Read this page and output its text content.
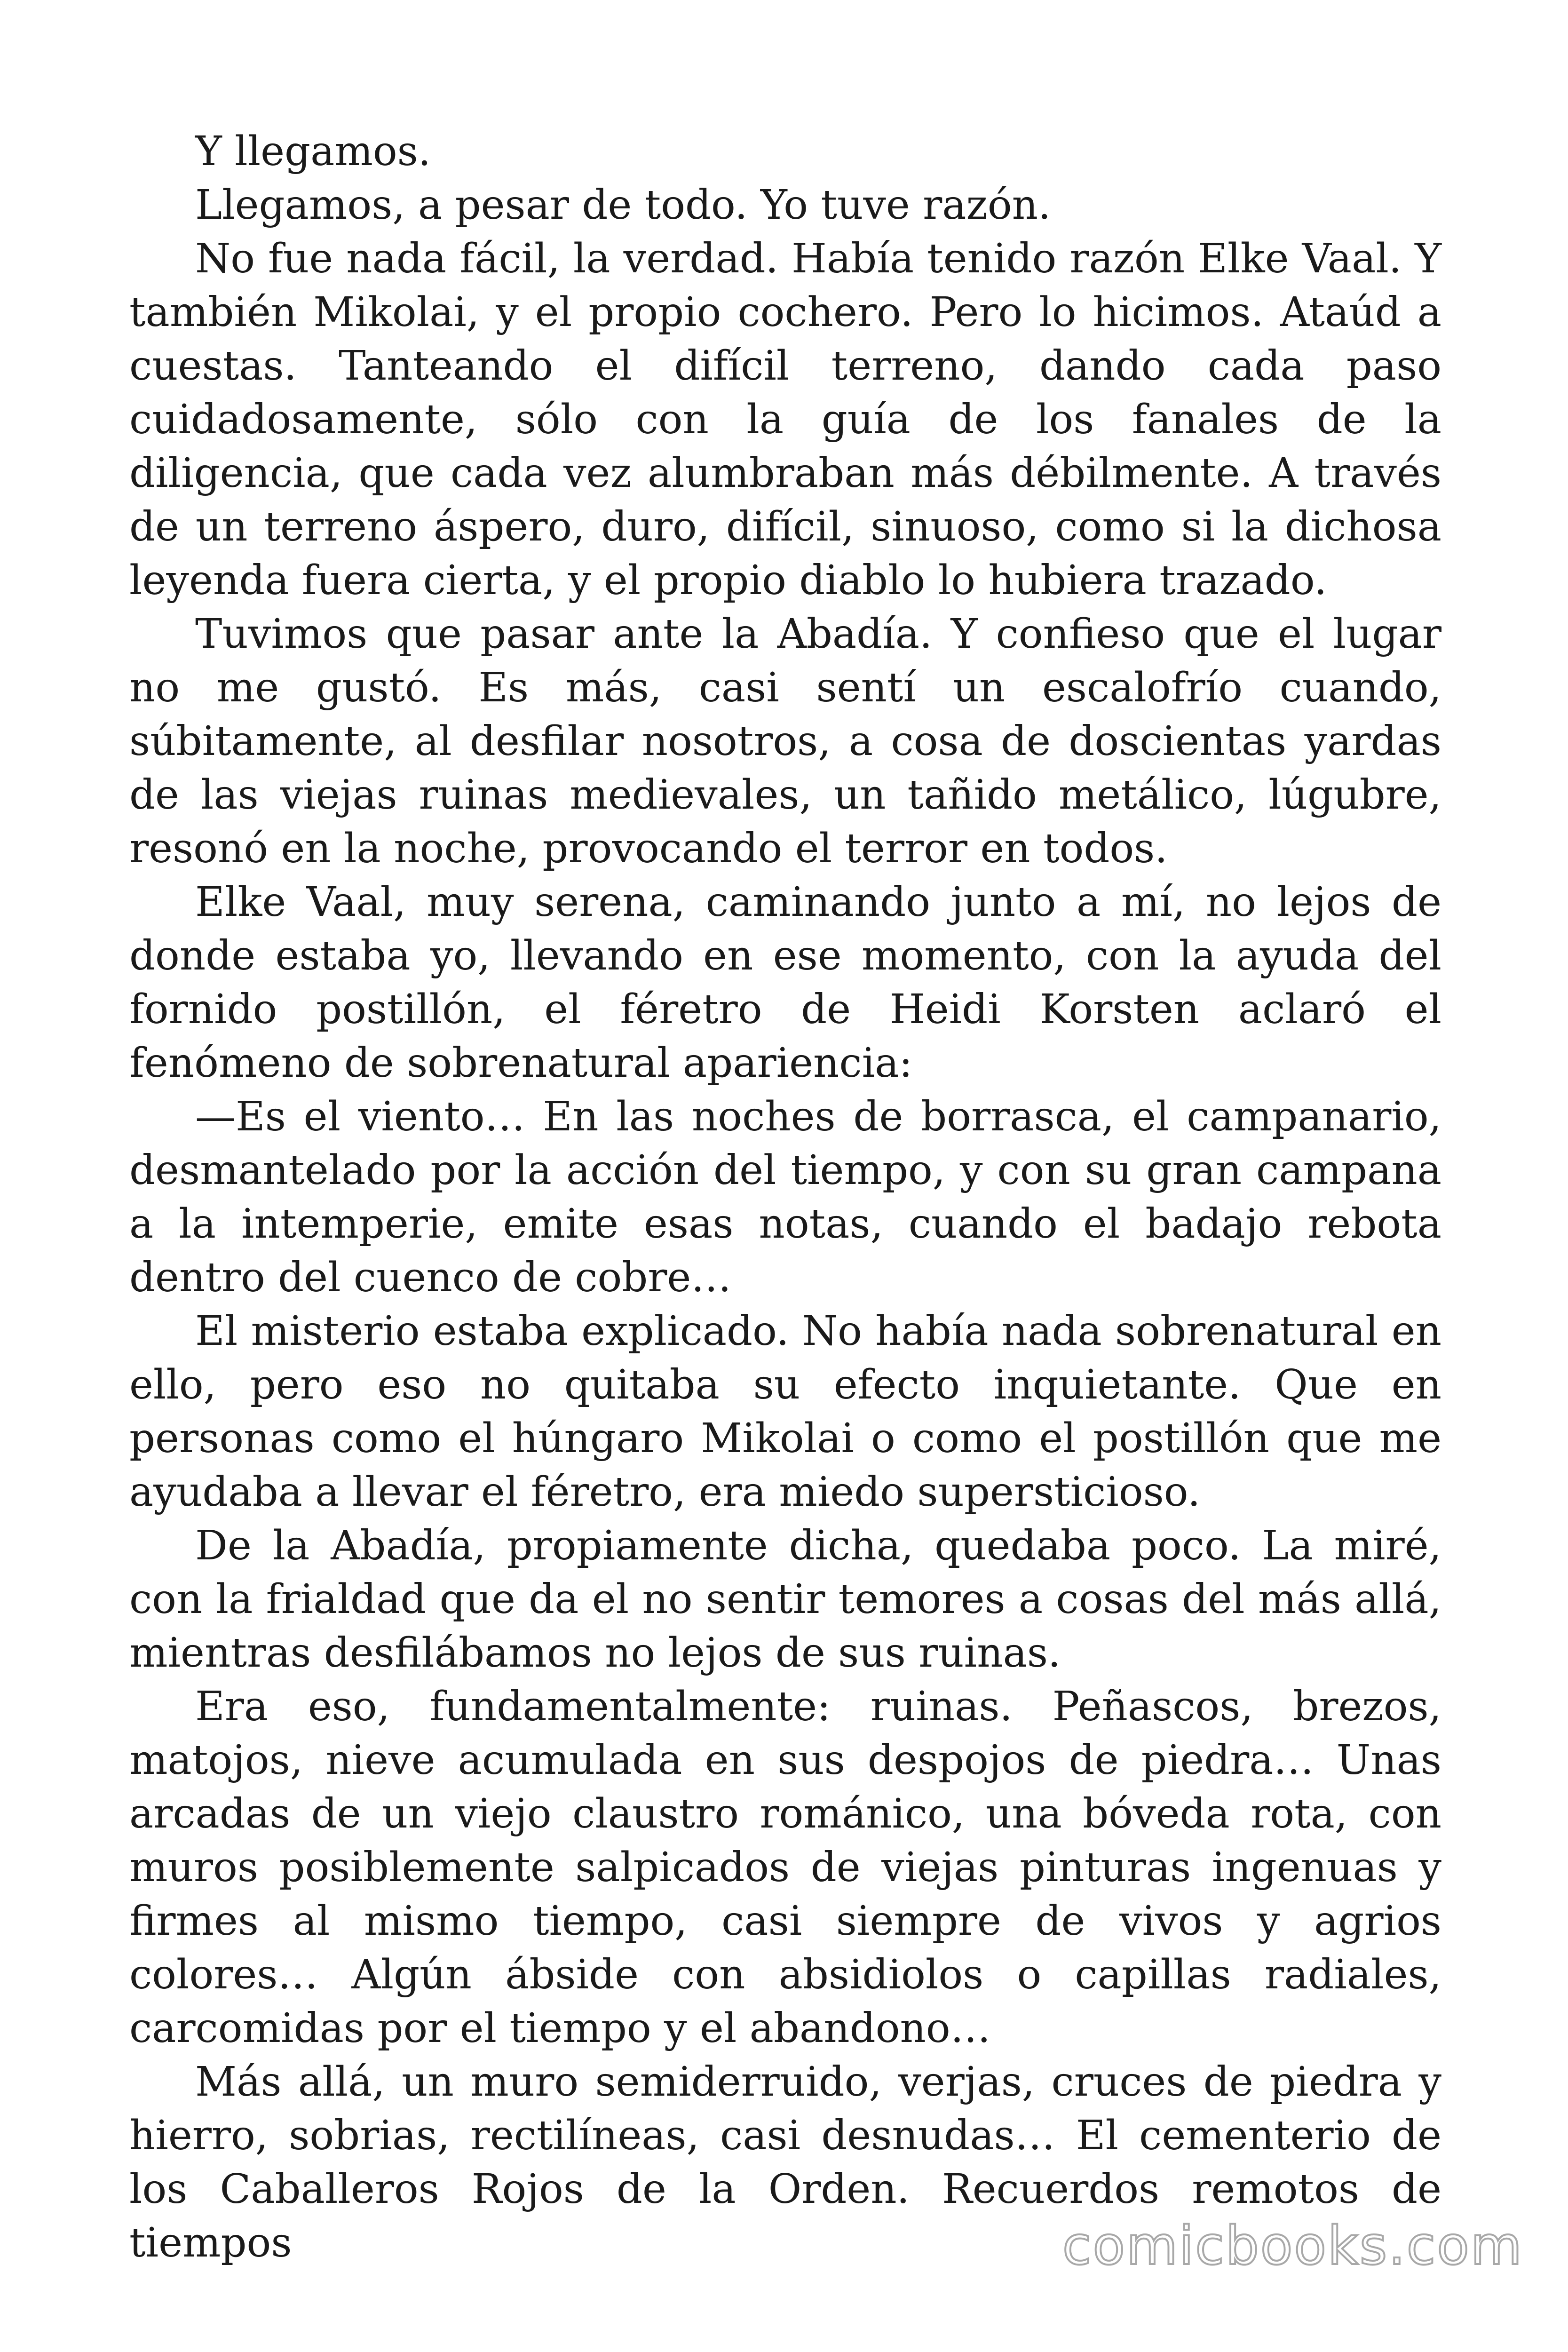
Y llegamos.

Llegamos, a pesar de todo. Yo tuve razón.

No fue nada fácil, la verdad. Había tenido razón Elke Vaal. Y también Mikolai, y el propio cochero. Pero lo hicimos. Ataúd a cuestas. Tanteando el difícil terreno, dando cada paso cuidadosamente, sólo con la guía de los fanales de la diligencia, que cada vez alumbraban más débilmente. A través de un terreno áspero, duro, difícil, sinuoso, como si la dichosa leyenda fuera cierta, y el propio diablo lo hubiera trazado.

Tuvimos que pasar ante la Abadía. Y confieso que el lugar no me gustó. Es más, casi sentí un escalofrío cuando, súbitamente, al desfilar nosotros, a cosa de doscientas yardas de las viejas ruinas medievales, un tañido metálico, lúgubre, resonó en la noche, provocando el terror en todos.

Elke Vaal, muy serena, caminando junto a mí, no lejos de donde estaba yo, llevando en ese momento, con la ayuda del fornido postillón, el féretro de Heidi Korsten aclaró el fenómeno de sobrenatural apariencia:

—Es el viento… En las noches de borrasca, el campanario, desmantelado por la acción del tiempo, y con su gran campana a la intemperie, emite esas notas, cuando el badajo rebota dentro del cuenco de cobre…

El misterio estaba explicado. No había nada sobrenatural en ello, pero eso no quitaba su efecto inquietante. Que en personas como el húngaro Mikolai o como el postillón que me ayudaba a llevar el féretro, era miedo supersticioso.

De la Abadía, propiamente dicha, quedaba poco. La miré, con la frialdad que da el no sentir temores a cosas del más allá, mientras desfilábamos no lejos de sus ruinas.

Era eso, fundamentalmente: ruinas. Peñascos, brezos, matojos, nieve acumulada en sus despojos de piedra… Unas arcadas de un viejo claustro románico, una bóveda rota, con muros posiblemente salpicados de viejas pinturas ingenuas y firmes al mismo tiempo, casi siempre de vivos y agrios colores… Algún ábside con absidiolos o capillas radiales, carcomidas por el tiempo y el abandono…

Más allá, un muro semiderruido, verjas, cruces de piedra y hierro, sobrias, rectilíneas, casi desnudas… El cementerio de los Caballeros Rojos de la Orden. Recuerdos remotos de tiempos	comicbooks.com
